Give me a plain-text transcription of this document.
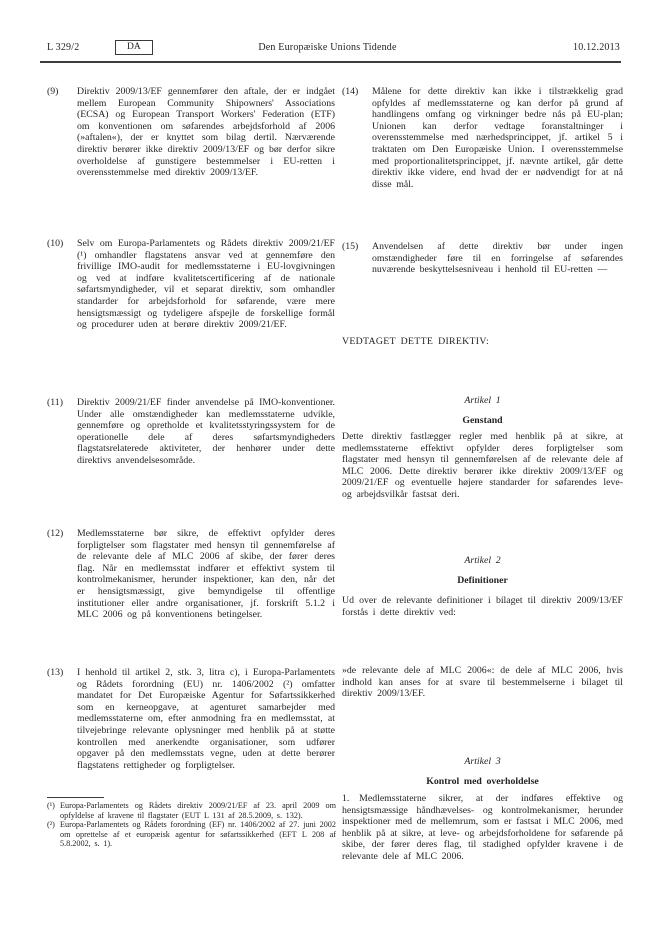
L 329/2	DA	Den Europæiske Unions Tidende	10.12.2013
(9)	Direktiv 2009/13/EF gennemfører den aftale, der er indgået mellem European Community Shipowners' Associations (ECSA) og European Transport Workers' Federation (ETF) om konventionen om søfarendes arbejdsforhold af 2006 (»aftalen«), der er knyttet som bilag dertil. Nærværende direktiv berører ikke direktiv 2009/13/EF og bør derfor sikre overholdelse af gunstigere bestemmelser i EU-retten i overensstemmelse med direktiv 2009/13/EF.
(10)	Selv om Europa-Parlamentets og Rådets direktiv 2009/21/EF (¹) omhandler flagstatens ansvar ved at gennemføre den frivillige IMO-audit for medlemsstaterne i EU-lovgivningen og ved at indføre kvalitetscertificering af de nationale søfartsmyndigheder, vil et separat direktiv, som omhandler standarder for arbejdsforhold for søfarende, være mere hensigtsmæssigt og tydeligere afspejle de forskellige formål og procedurer uden at berøre direktiv 2009/21/EF.
(11)	Direktiv 2009/21/EF finder anvendelse på IMO-konventioner. Under alle omstændigheder kan medlemsstaterne udvikle, gennemføre og opretholde et kvalitetsstyringssystem for de operationelle dele af deres søfartsmyndigheders flagstatsrelaterede aktiviteter, der henhører under dette direktivs anvendelsesområde.
(12)	Medlemsstaterne bør sikre, de effektivt opfylder deres forpligtelser som flagstater med hensyn til gennemførelse af de relevante dele af MLC 2006 af skibe, der fører deres flag. Når en medlemsstat indfører et effektivt system til kontrolmekanismer, herunder inspektioner, kan den, når det er hensigtsmæssigt, give bemyndigelse til offentlige institutioner eller andre organisationer, jf. forskrift 5.1.2 i MLC 2006 og på konventionens betingelser.
(13)	I henhold til artikel 2, stk. 3, litra c), i Europa-Parlamentets og Rådets forordning (EU) nr. 1406/2002 (²) omfatter mandatet for Det Europæiske Agentur for Søfartssikkerhed som en kerneopgave, at agenturet samarbejder med medlemsstaterne om, efter anmodning fra en medlemsstat, at tilvejebringe relevante oplysninger med henblik på at støtte kontrollen med anerkendte organisationer, som udfører opgaver på den medlemsstats vegne, uden at dette berører flagstatens rettigheder og forpligtelser.
(14)	Målene for dette direktiv kan ikke i tilstrækkelig grad opfyldes af medlemsstaterne og kan derfor på grund af handlingens omfang og virkninger bedre nås på EU-plan; Unionen kan derfor vedtage foranstaltninger i overensstemmelse med nærhedsprincippet, jf. artikel 5 i traktaten om Den Europæiske Union. I overensstemmelse med proportionalitetsprincippet, jf. nævnte artikel, går dette direktiv ikke videre, end hvad der er nødvendigt for at nå disse mål.
(15)	Anvendelsen af dette direktiv bør under ingen omstændigheder føre til en forringelse af søfarendes nuværende beskyttelsesniveau i henhold til EU-retten —
VEDTAGET DETTE DIREKTIV:
Artikel 1
Genstand
Dette direktiv fastlægger regler med henblik på at sikre, at medlemsstaterne effektivt opfylder deres forpligtelser som flagstater med hensyn til gennemførelsen af de relevante dele af MLC 2006. Dette direktiv berører ikke direktiv 2009/13/EF og 2009/21/EF og eventuelle højere standarder for søfarendes leve- og arbejdsvilkår fastsat deri.
Artikel 2
Definitioner
Ud over de relevante definitioner i bilaget til direktiv 2009/13/EF forstås i dette direktiv ved:
»de relevante dele af MLC 2006«: de dele af MLC 2006, hvis indhold kan anses for at svare til bestemmelserne i bilaget til direktiv 2009/13/EF.
Artikel 3
Kontrol med overholdelse
1. Medlemsstaterne sikrer, at der indføres effektive og hensigtsmæssige håndhævelses- og kontrolmekanismer, herunder inspektioner med de mellemrum, som er fastsat i MLC 2006, med henblik på at sikre, at leve- og arbejdsforholdene for søfarende på skibe, der fører deres flag, til stadighed opfylder kravene i de relevante dele af MLC 2006.
(¹) Europa-Parlamentets og Rådets direktiv 2009/21/EF af 23. april 2009 om opfyldelse af kravene til flagstater (EUT L 131 af 28.5.2009, s. 132).
(²) Europa-Parlamentets og Rådets forordning (EF) nr. 1406/2002 af 27. juni 2002 om oprettelse af et europæisk agentur for søfartssikkerhed (EFT L 208 af 5.8.2002, s. 1).
